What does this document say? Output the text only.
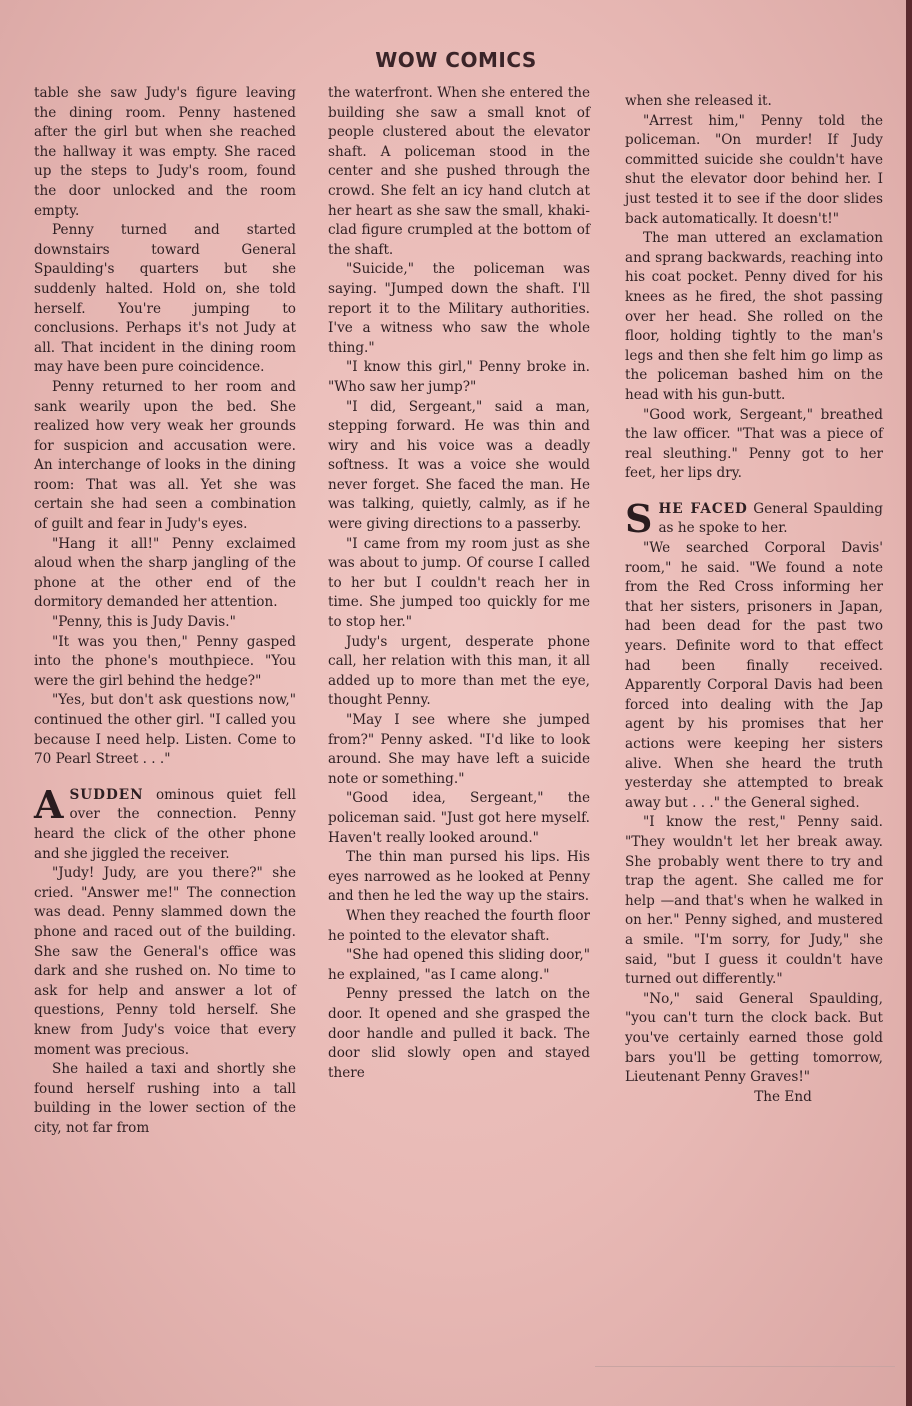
WOW COMICS

table she saw Judy's figure leaving the dining room. Penny hastened after the girl but when she reached the hallway it was empty. She raced up the steps to Judy's room, found the door unlocked and the room empty.

Penny turned and started downstairs toward General Spaulding's quarters but she suddenly halted. Hold on, she told herself. You're jumping to conclusions. Perhaps it's not Judy at all. That incident in the dining room may have been pure coincidence.

Penny returned to her room and sank wearily upon the bed. She realized how very weak her grounds for suspicion and accusation were. An interchange of looks in the dining room: That was all. Yet she was certain she had seen a combination of guilt and fear in Judy's eyes.

"Hang it all!" Penny exclaimed aloud when the sharp jangling of the phone at the other end of the dormitory demanded her attention.

"Penny, this is Judy Davis."

"It was you then," Penny gasped into the phone's mouthpiece. "You were the girl behind the hedge?"

"Yes, but don't ask questions now," continued the other girl. "I called you because I need help. Listen. Come to 70 Pearl Street . . ."

ASUDDEN ominous quiet fell over the connection. Penny heard the click of the other phone and she jiggled the receiver.

"Judy! Judy, are you there?" she cried. "Answer me!" The connection was dead. Penny slammed down the phone and raced out of the building. She saw the General's office was dark and she rushed on. No time to ask for help and answer a lot of questions, Penny told herself. She knew from Judy's voice that every moment was precious.

She hailed a taxi and shortly she found herself rushing into a tall building in the lower section of the city, not far from

the waterfront. When she entered the building she saw a small knot of people clustered about the elevator shaft. A policeman stood in the center and she pushed through the crowd. She felt an icy hand clutch at her heart as she saw the small, khaki-clad figure crumpled at the bottom of the shaft.

"Suicide," the policeman was saying. "Jumped down the shaft. I'll report it to the Military authorities. I've a witness who saw the whole thing."

"I know this girl," Penny broke in. "Who saw her jump?"

"I did, Sergeant," said a man, stepping forward. He was thin and wiry and his voice was a deadly softness. It was a voice she would never forget. She faced the man. He was talking, quietly, calmly, as if he were giving directions to a passerby.

"I came from my room just as she was about to jump. Of course I called to her but I couldn't reach her in time. She jumped too quickly for me to stop her."

Judy's urgent, desperate phone call, her relation with this man, it all added up to more than met the eye, thought Penny.

"May I see where she jumped from?" Penny asked. "I'd like to look around. She may have left a suicide note or something."

"Good idea, Sergeant," the policeman said. "Just got here myself. Haven't really looked around."

The thin man pursed his lips. His eyes narrowed as he looked at Penny and then he led the way up the stairs.

When they reached the fourth floor he pointed to the elevator shaft.

"She had opened this sliding door," he explained, "as I came along."

Penny pressed the latch on the door. It opened and she grasped the door handle and pulled it back. The door slid slowly open and stayed there

when she released it.

"Arrest him," Penny told the policeman. "On murder! If Judy committed suicide she couldn't have shut the elevator door behind her. I just tested it to see if the door slides back automatically. It doesn't!"

The man uttered an exclamation and sprang backwards, reaching into his coat pocket. Penny dived for his knees as he fired, the shot passing over her head. She rolled on the floor, holding tightly to the man's legs and then she felt him go limp as the policeman bashed him on the head with his gun-butt.

"Good work, Sergeant," breathed the law officer. "That was a piece of real sleuthing." Penny got to her feet, her lips dry.

SHE FACED General Spaulding as he spoke to her.

"We searched Corporal Davis' room," he said. "We found a note from the Red Cross informing her that her sisters, prisoners in Japan, had been dead for the past two years. Definite word to that effect had been finally received. Apparently Corporal Davis had been forced into dealing with the Jap agent by his promises that her actions were keeping her sisters alive. When she heard the truth yesterday she attempted to break away but . . ." the General sighed.

"I know the rest," Penny said. "They wouldn't let her break away. She probably went there to try and trap the agent. She called me for help —and that's when he walked in on her." Penny sighed, and mustered a smile. "I'm sorry, for Judy," she said, "but I guess it couldn't have turned out differently."

"No," said General Spaulding, "you can't turn the clock back. But you've certainly earned those gold bars you'll be getting tomorrow, Lieutenant Penny Graves!"

The End
